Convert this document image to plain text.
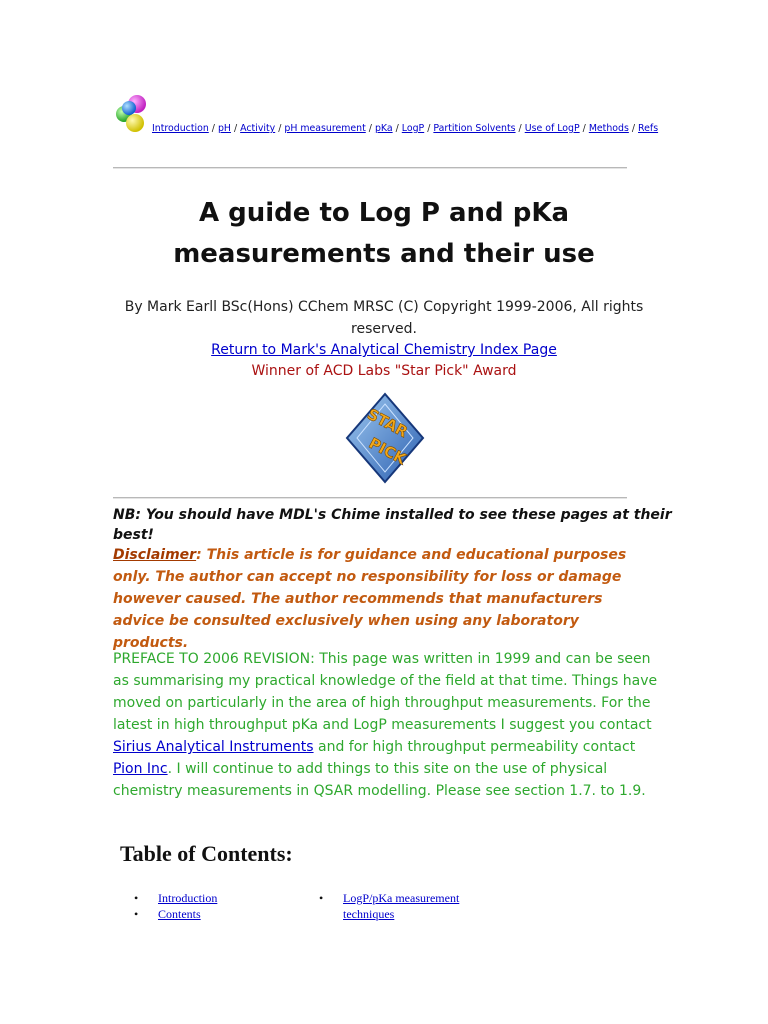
Introduction / pH / Activity / pH measurement / pKa / LogP / Partition Solvents / Use of LogP / Methods / Refs
A guide to Log P and pKa
measurements and their use
By Mark Earll BSc(Hons) CChem MRSC (C) Copyright 1999-2006, All rights reserved.
Return to Mark's Analytical Chemistry Index Page
Winner of ACD Labs "Star Pick" Award
STAR
PICK
NB: You should have MDL's Chime installed to see these pages at their best!
Disclaimer: This article is for guidance and educational purposes only. The author can accept no responsibility for loss or damage however caused. The author recommends that manufacturers advice be consulted exclusively when using any laboratory products.
PREFACE TO 2006 REVISION: This page was written in 1999 and can be seen as summarising my practical knowledge of the field at that time. Things have moved on particularly in the area of high throughput measurements. For the latest in high throughput pKa and LogP measurements I suggest you contact Sirius Analytical Instruments and for high throughput permeability contact Pion Inc. I will continue to add things to this site on the use of physical chemistry measurements in QSAR modelling. Please see section 1.7. to 1.9.
Table of Contents:
• Introduction
• Contents
• LogP/pKa measurement techniques
